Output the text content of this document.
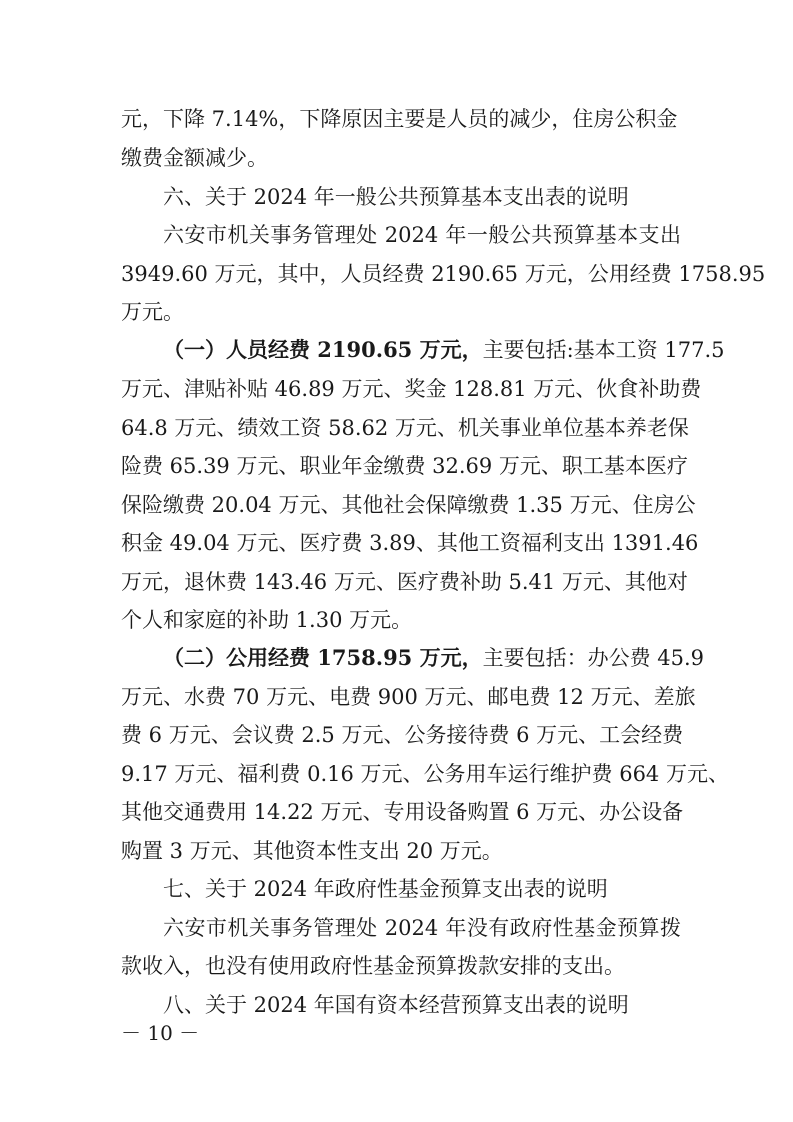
元，下降 7.14%，下降原因主要是人员的减少，住房公积金
缴费金额减少。
六、关于 2024 年一般公共预算基本支出表的说明
六安市机关事务管理处 2024 年一般公共预算基本支出
3949.60 万元，其中，人员经费 2190.65 万元，公用经费 1758.95
万元。
（一）人员经费 2190.65 万元，主要包括:基本工资 177.5
万元、津贴补贴 46.89 万元、奖金 128.81 万元、伙食补助费
64.8 万元、绩效工资 58.62 万元、机关事业单位基本养老保
险费 65.39 万元、职业年金缴费 32.69 万元、职工基本医疗
保险缴费 20.04 万元、其他社会保障缴费 1.35 万元、住房公
积金 49.04 万元、医疗费 3.89、其他工资福利支出 1391.46
万元，退休费 143.46 万元、医疗费补助 5.41 万元、其他对
个人和家庭的补助 1.30 万元。
（二）公用经费 1758.95 万元，主要包括：办公费 45.9
万元、水费 70 万元、电费 900 万元、邮电费 12 万元、差旅
费 6 万元、会议费 2.5 万元、公务接待费 6 万元、工会经费
9.17 万元、福利费 0.16 万元、公务用车运行维护费 664 万元、
其他交通费用 14.22 万元、专用设备购置 6 万元、办公设备
购置 3 万元、其他资本性支出 20 万元。
七、关于 2024 年政府性基金预算支出表的说明
六安市机关事务管理处 2024 年没有政府性基金预算拨
款收入，也没有使用政府性基金预算拨款安排的支出。
八、关于 2024 年国有资本经营预算支出表的说明
－ 10 －
